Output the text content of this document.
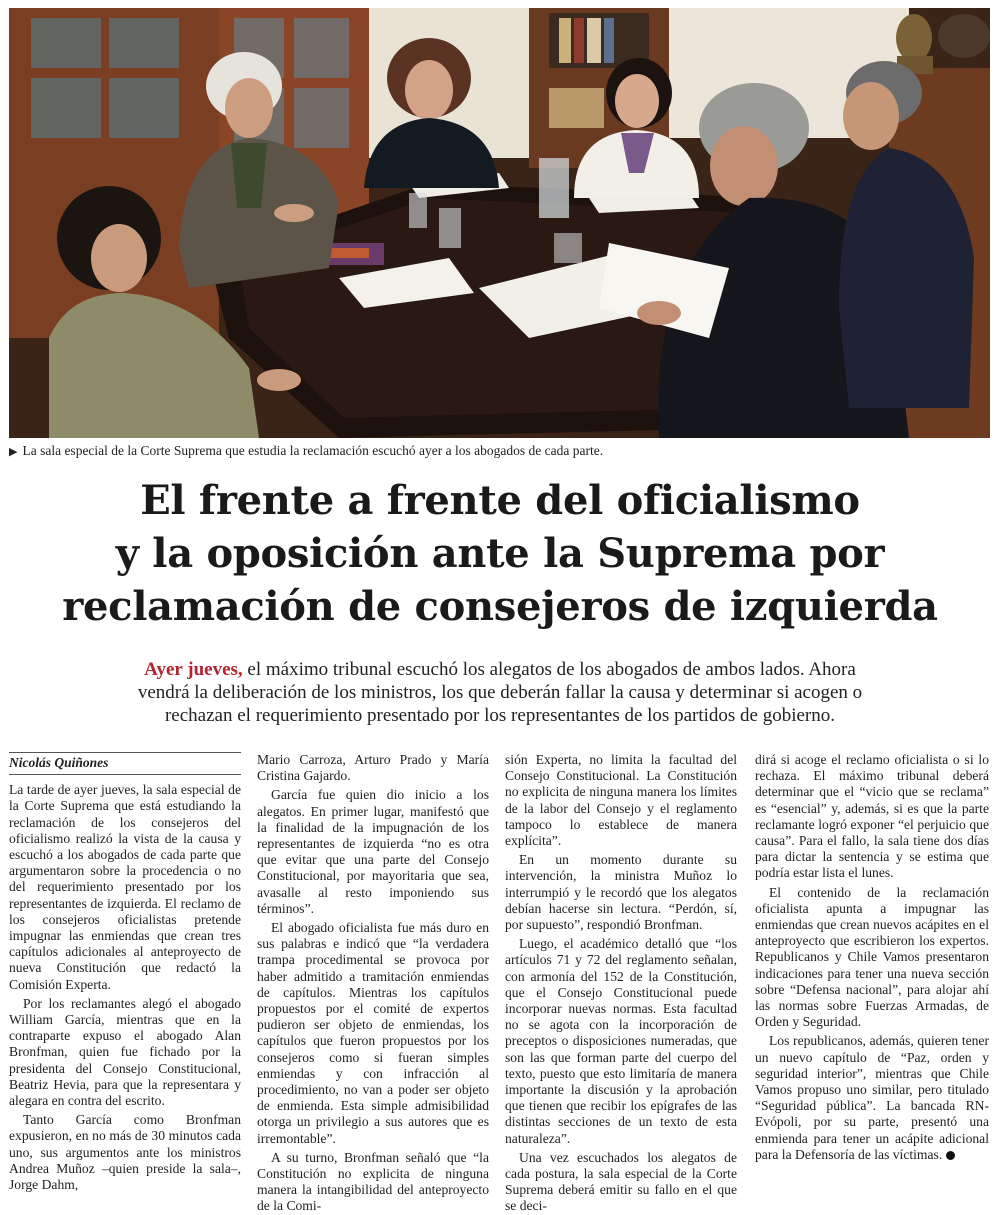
▶ La sala especial de la Corte Suprema que estudia la reclamación escuchó ayer a los abogados de cada parte.
El frente a frente del oficialismo
y la oposición ante la Suprema por
reclamación de consejeros de izquierda
Ayer jueves, el máximo tribunal escuchó los alegatos de los abogados de ambos lados. Ahora
vendrá la deliberación de los ministros, los que deberán fallar la causa y determinar si acogen o
rechazan el requerimiento presentado por los representantes de los partidos de gobierno.
Nicolás Quiñones

La tarde de ayer jueves, la sala especial de la Corte Suprema que está estudiando la reclamación de los consejeros del oficialismo realizó la vista de la causa y escuchó a los abogados de cada parte que argumentaron sobre la procedencia o no del requerimiento presentado por los representantes de izquierda. El reclamo de los consejeros oficialistas pretende impugnar las enmiendas que crean tres capítulos adicionales al anteproyecto de nueva Constitución que redactó la Comisión Experta.

Por los reclamantes alegó el abogado William García, mientras que en la contraparte expuso el abogado Alan Bronfman, quien fue fichado por la presidenta del Consejo Constitucional, Beatriz Hevia, para que la representara y alegara en contra del escrito.

Tanto García como Bronfman expusieron, en no más de 30 minutos cada uno, sus argumentos ante los ministros Andrea Muñoz –quien preside la sala–, Jorge Dahm,

Mario Carroza, Arturo Prado y María Cristina Gajardo.

García fue quien dio inicio a los alegatos. En primer lugar, manifestó que la finalidad de la impugnación de los representantes de izquierda “no es otra que evitar que una parte del Consejo Constitucional, por mayoritaria que sea, avasalle al resto imponiendo sus términos”.

El abogado oficialista fue más duro en sus palabras e indicó que “la verdadera trampa procedimental se provoca por haber admitido a tramitación enmiendas de capítulos. Mientras los capítulos propuestos por el comité de expertos pudieron ser objeto de enmiendas, los capítulos que fueron propuestos por los consejeros como si fueran simples enmiendas y con infracción al procedimiento, no van a poder ser objeto de enmienda. Esta simple admisibilidad otorga un privilegio a sus autores que es irremontable”.

A su turno, Bronfman señaló que “la Constitución no explicita de ninguna manera la intangibilidad del anteproyecto de la Comi-

sión Experta, no limita la facultad del Consejo Constitucional. La Constitución no explicita de ninguna manera los límites de la labor del Consejo y el reglamento tampoco lo establece de manera explícita”.

En un momento durante su intervención, la ministra Muñoz lo interrumpió y le recordó que los alegatos debían hacerse sin lectura. “Perdón, sí, por supuesto”, respondió Bronfman.

Luego, el académico detalló que “los artículos 71 y 72 del reglamento señalan, con armonía del 152 de la Constitución, que el Consejo Constitucional puede incorporar nuevas normas. Esta facultad no se agota con la incorporación de preceptos o disposiciones numeradas, que son las que forman parte del cuerpo del texto, puesto que esto limitaría de manera importante la discusión y la aprobación que tienen que recibir los epígrafes de las distintas secciones de un texto de esta naturaleza”.

Una vez escuchados los alegatos de cada postura, la sala especial de la Corte Suprema deberá emitir su fallo en el que se deci-

dirá si acoge el reclamo oficialista o si lo rechaza. El máximo tribunal deberá determinar que el “vicio que se reclama” es “esencial” y, además, si es que la parte reclamante logró exponer “el perjuicio que causa”. Para el fallo, la sala tiene dos días para dictar la sentencia y se estima que podría estar lista el lunes.

El contenido de la reclamación oficialista apunta a impugnar las enmiendas que crean nuevos acápites en el anteproyecto que escribieron los expertos. Republicanos y Chile Vamos presentaron indicaciones para tener una nueva sección sobre “Defensa nacional”, para alojar ahí las normas sobre Fuerzas Armadas, de Orden y Seguridad.

Los republicanos, además, quieren tener un nuevo capítulo de “Paz, orden y seguridad interior”, mientras que Chile Vamos propuso uno similar, pero titulado “Seguridad pública”. La bancada RN-Evópoli, por su parte, presentó una enmienda para tener un acápite adicional para la Defensoría de las víctimas.
